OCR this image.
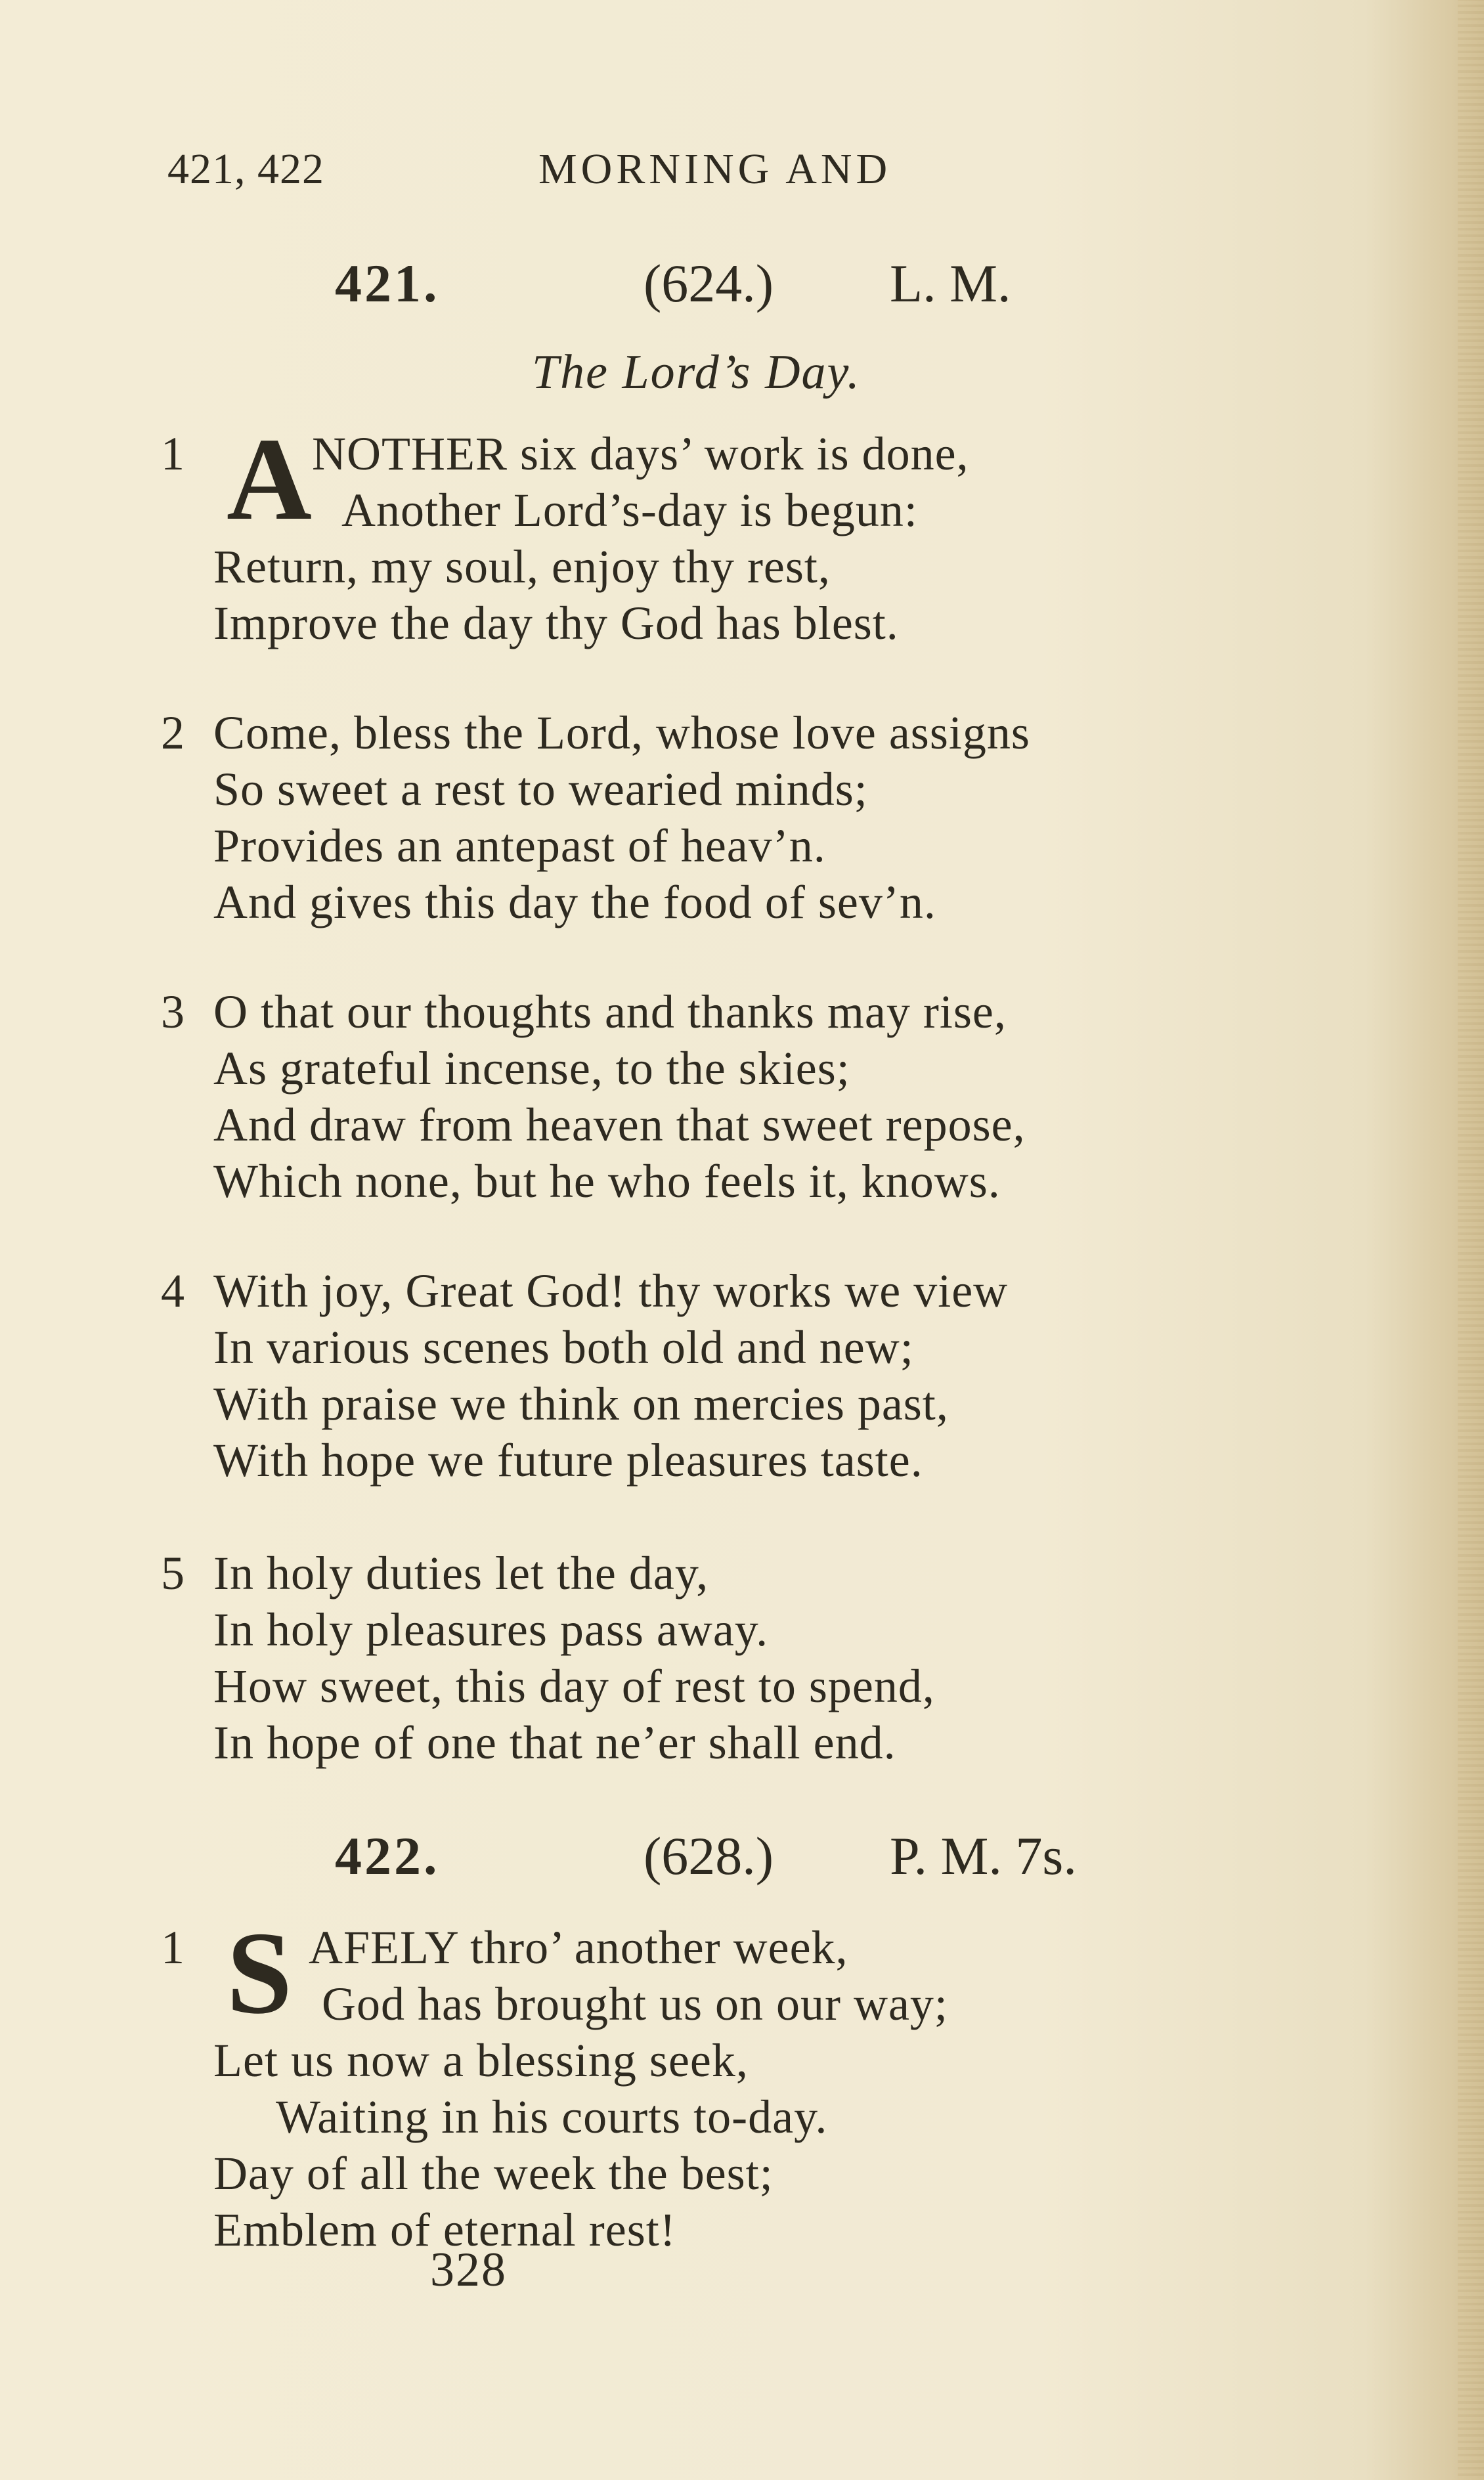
421, 422	MORNING AND
421.	(624.) L. M.
The Lord’s Day.
1 A NOTHER six days’ work is done,
Another Lord’s-day is begun:
Return, my soul, enjoy thy rest,
Improve the day thy God has blest.
2 Come, bless the Lord, whose love assigns
So sweet a rest to wearied minds;
Provides an antepast of heav’n.
And gives this day the food of sev’n.
3 O that our thoughts and thanks may rise,
As grateful incense, to the skies;
And draw from heaven that sweet repose,
Which none, but he who feels it, knows.
4 With joy, Great God! thy works we view
In various scenes both old and new;
With praise we think on mercies past,
With hope we future pleasures taste.
5 In holy duties let the day,
In holy pleasures pass away.
How sweet, this day of rest to spend,
In hope of one that ne’er shall end.
422.	(628.) P. M. 7s.
1 S AFELY thro’ another week,
God has brought us on our way;
Let us now a blessing seek,
Waiting in his courts to-day.
Day of all the week the best;
Emblem of eternal rest!
328
